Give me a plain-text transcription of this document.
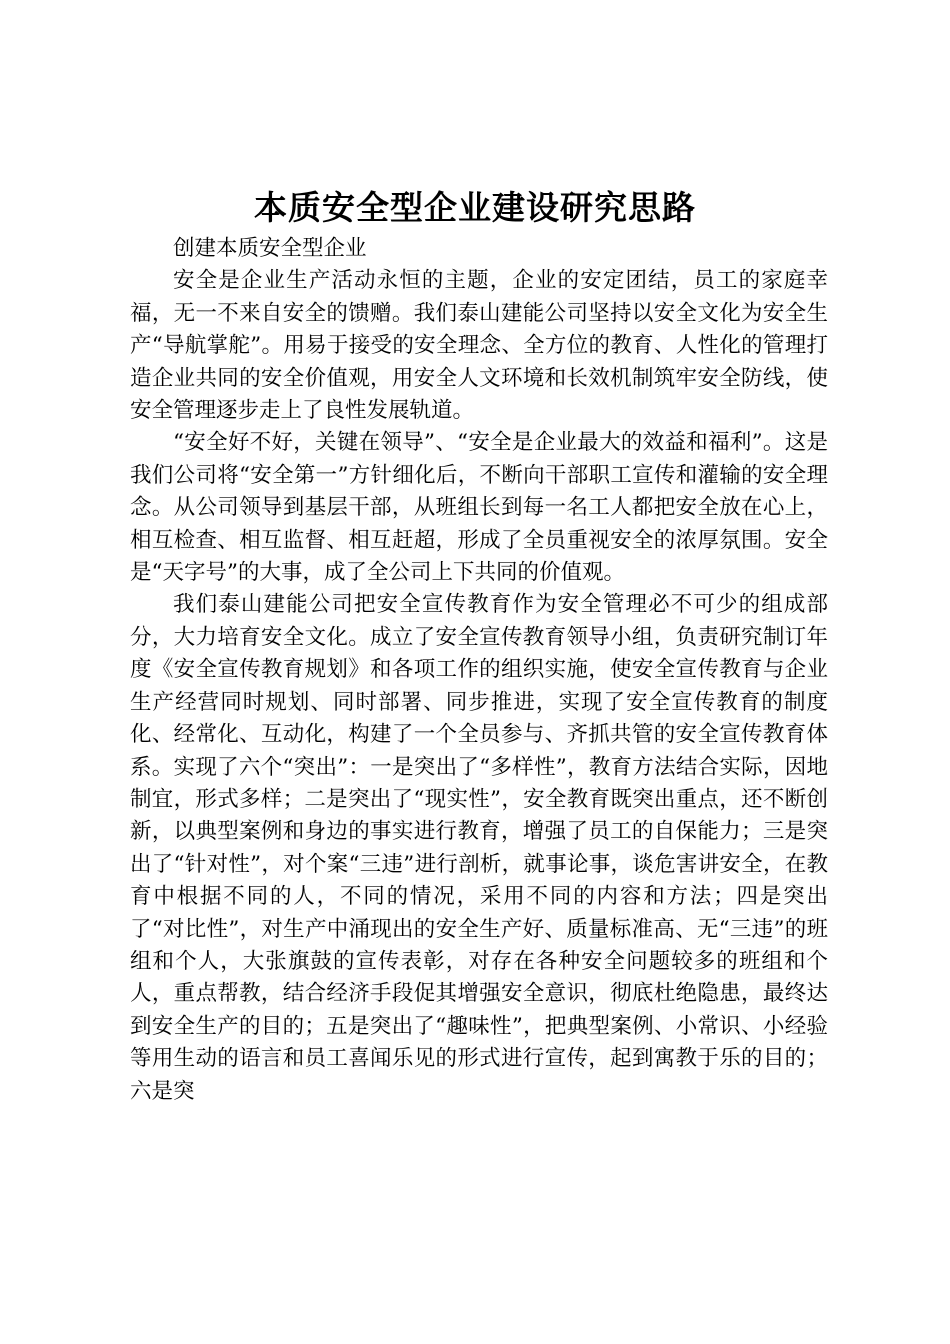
本质安全型企业建设研究思路

创建本质安全型企业

安全是企业生产活动永恒的主题，企业的安定团结，员工的家庭幸福，无一不来自安全的馈赠。我们泰山建能公司坚持以安全文化为安全生产“导航掌舵”。用易于接受的安全理念、全方位的教育、人性化的管理打造企业共同的安全价值观，用安全人文环境和长效机制筑牢安全防线，使安全管理逐步走上了良性发展轨道。

“安全好不好，关键在领导”、“安全是企业最大的效益和福利”。这是我们公司将“安全第一”方针细化后，不断向干部职工宣传和灌输的安全理念。从公司领导到基层干部，从班组长到每一名工人都把安全放在心上，相互检查、相互监督、相互赶超，形成了全员重视安全的浓厚氛围。安全是“天字号”的大事，成了全公司上下共同的价值观。

我们泰山建能公司把安全宣传教育作为安全管理必不可少的组成部分，大力培育安全文化。成立了安全宣传教育领导小组，负责研究制订年度《安全宣传教育规划》和各项工作的组织实施，使安全宣传教育与企业生产经营同时规划、同时部署、同步推进，实现了安全宣传教育的制度化、经常化、互动化，构建了一个全员参与、齐抓共管的安全宣传教育体系。实现了六个“突出”：一是突出了“多样性”，教育方法结合实际，因地制宜，形式多样；二是突出了“现实性”，安全教育既突出重点，还不断创新，以典型案例和身边的事实进行教育，增强了员工的自保能力；三是突出了“针对性”，对个案“三违”进行剖析，就事论事，谈危害讲安全，在教育中根据不同的人，不同的情况，采用不同的内容和方法；四是突出了“对比性”，对生产中涌现出的安全生产好、质量标准高、无“三违”的班组和个人，大张旗鼓的宣传表彰，对存在各种安全问题较多的班组和个人，重点帮教，结合经济手段促其增强安全意识，彻底杜绝隐患，最终达到安全生产的目的；五是突出了“趣味性”，把典型案例、小常识、小经验等用生动的语言和员工喜闻乐见的形式进行宣传，起到寓教于乐的目的；六是突
